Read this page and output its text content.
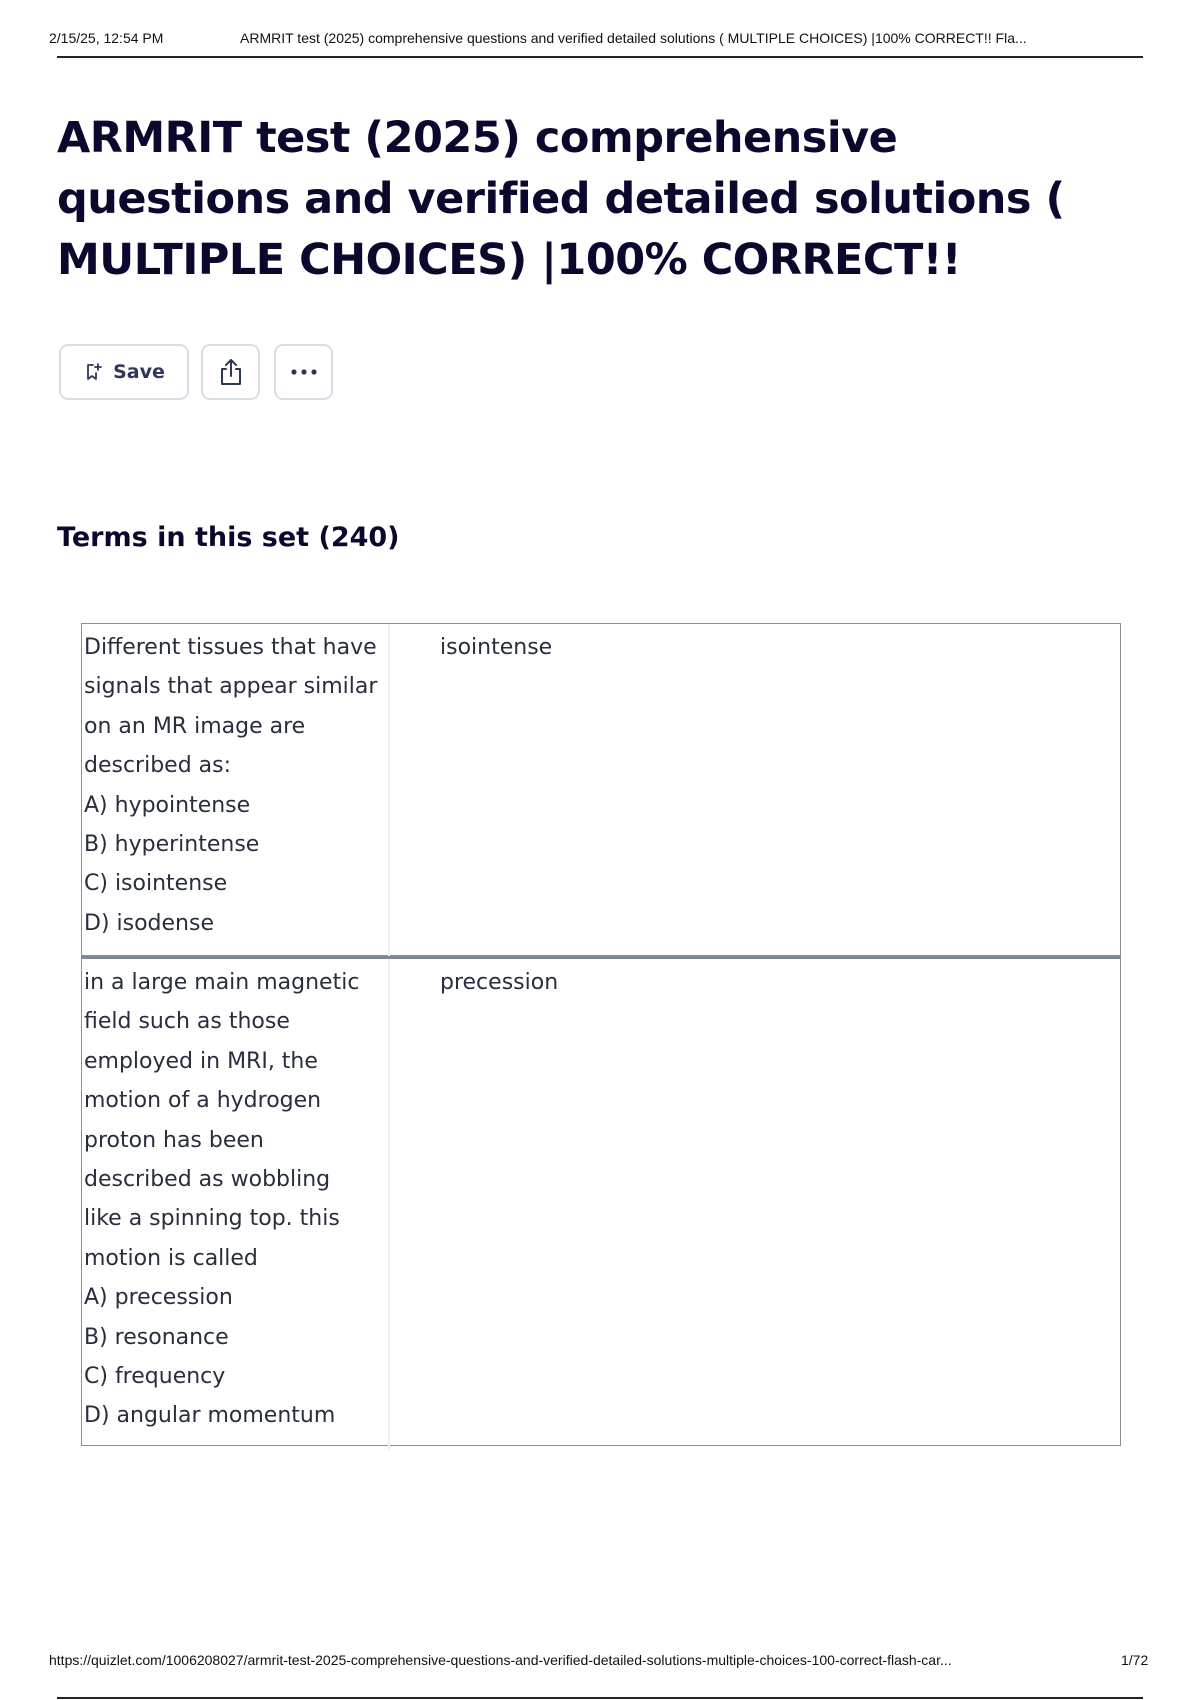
2/15/25, 12:54 PM	ARMRIT test (2025) comprehensive questions and verified detailed solutions ( MULTIPLE CHOICES) |100% CORRECT!! Fla...
ARMRIT test (2025) comprehensive questions and verified detailed solutions ( MULTIPLE CHOICES) |100% CORRECT!!
Save
Terms in this set (240)
Different tissues that have
signals that appear similar
on an MR image are
described as:
A) hypointense
B) hyperintense
C) isointense
D) isodense
isointense
in a large main magnetic
field such as those
employed in MRI, the
motion of a hydrogen
proton has been
described as wobbling
like a spinning top. this
motion is called
A) precession
B) resonance
C) frequency
D) angular momentum
precession
https://quizlet.com/1006208027/armrit-test-2025-comprehensive-questions-and-verified-detailed-solutions-multiple-choices-100-correct-flash-car...	1/72
